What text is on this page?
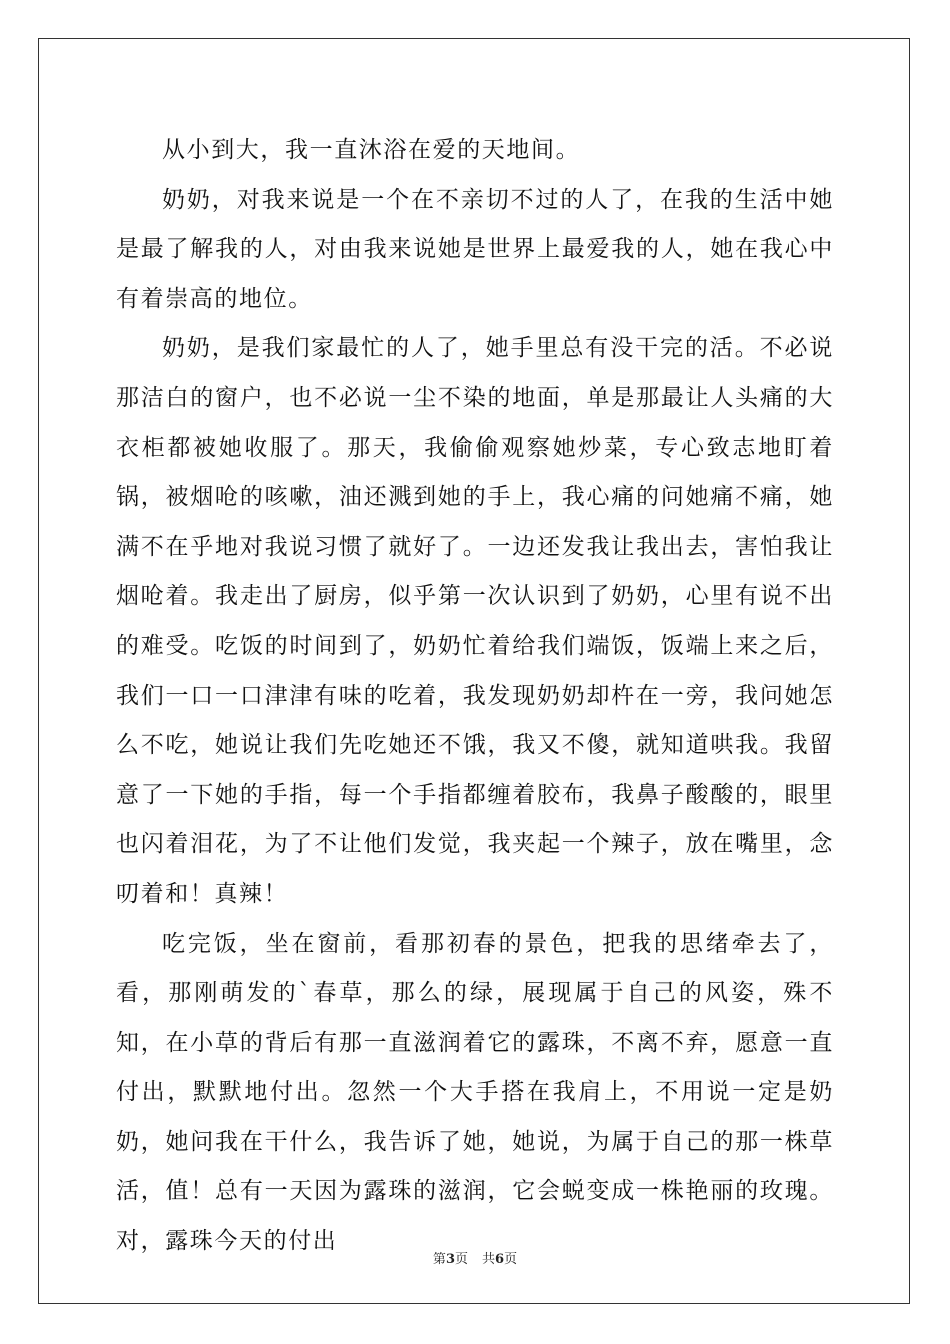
从小到大，我一直沐浴在爱的天地间。

奶奶，对我来说是一个在不亲切不过的人了，在我的生活中她是最了解我的人，对由我来说她是世界上最爱我的人，她在我心中有着崇高的地位。

奶奶，是我们家最忙的人了，她手里总有没干完的活。不必说那洁白的窗户，也不必说一尘不染的地面，单是那最让人头痛的大衣柜都被她收服了。那天，我偷偷观察她炒菜，专心致志地盯着锅，被烟呛的咳嗽，油还溅到她的手上，我心痛的问她痛不痛，她满不在乎地对我说习惯了就好了。一边还发我让我出去，害怕我让烟呛着。我走出了厨房，似乎第一次认识到了奶奶，心里有说不出的难受。吃饭的时间到了，奶奶忙着给我们端饭，饭端上来之后，我们一口一口津津有味的吃着，我发现奶奶却杵在一旁，我问她怎么不吃，她说让我们先吃她还不饿，我又不傻，就知道哄我。我留意了一下她的手指，每一个手指都缠着胶布，我鼻子酸酸的，眼里也闪着泪花，为了不让他们发觉，我夹起一个辣子，放在嘴里，念叨着和！真辣！

吃完饭，坐在窗前，看那初春的景色，把我的思绪牵去了，看，那刚萌发的`春草，那么的绿，展现属于自己的风姿，殊不知，在小草的背后有那一直滋润着它的露珠，不离不弃，愿意一直付出，默默地付出。忽然一个大手搭在我肩上，不用说一定是奶奶，她问我在干什么，我告诉了她，她说，为属于自己的那一株草活，值！总有一天因为露珠的滋润，它会蜕变成一株艳丽的玫瑰。对，露珠今天的付出

第3页 共6页
